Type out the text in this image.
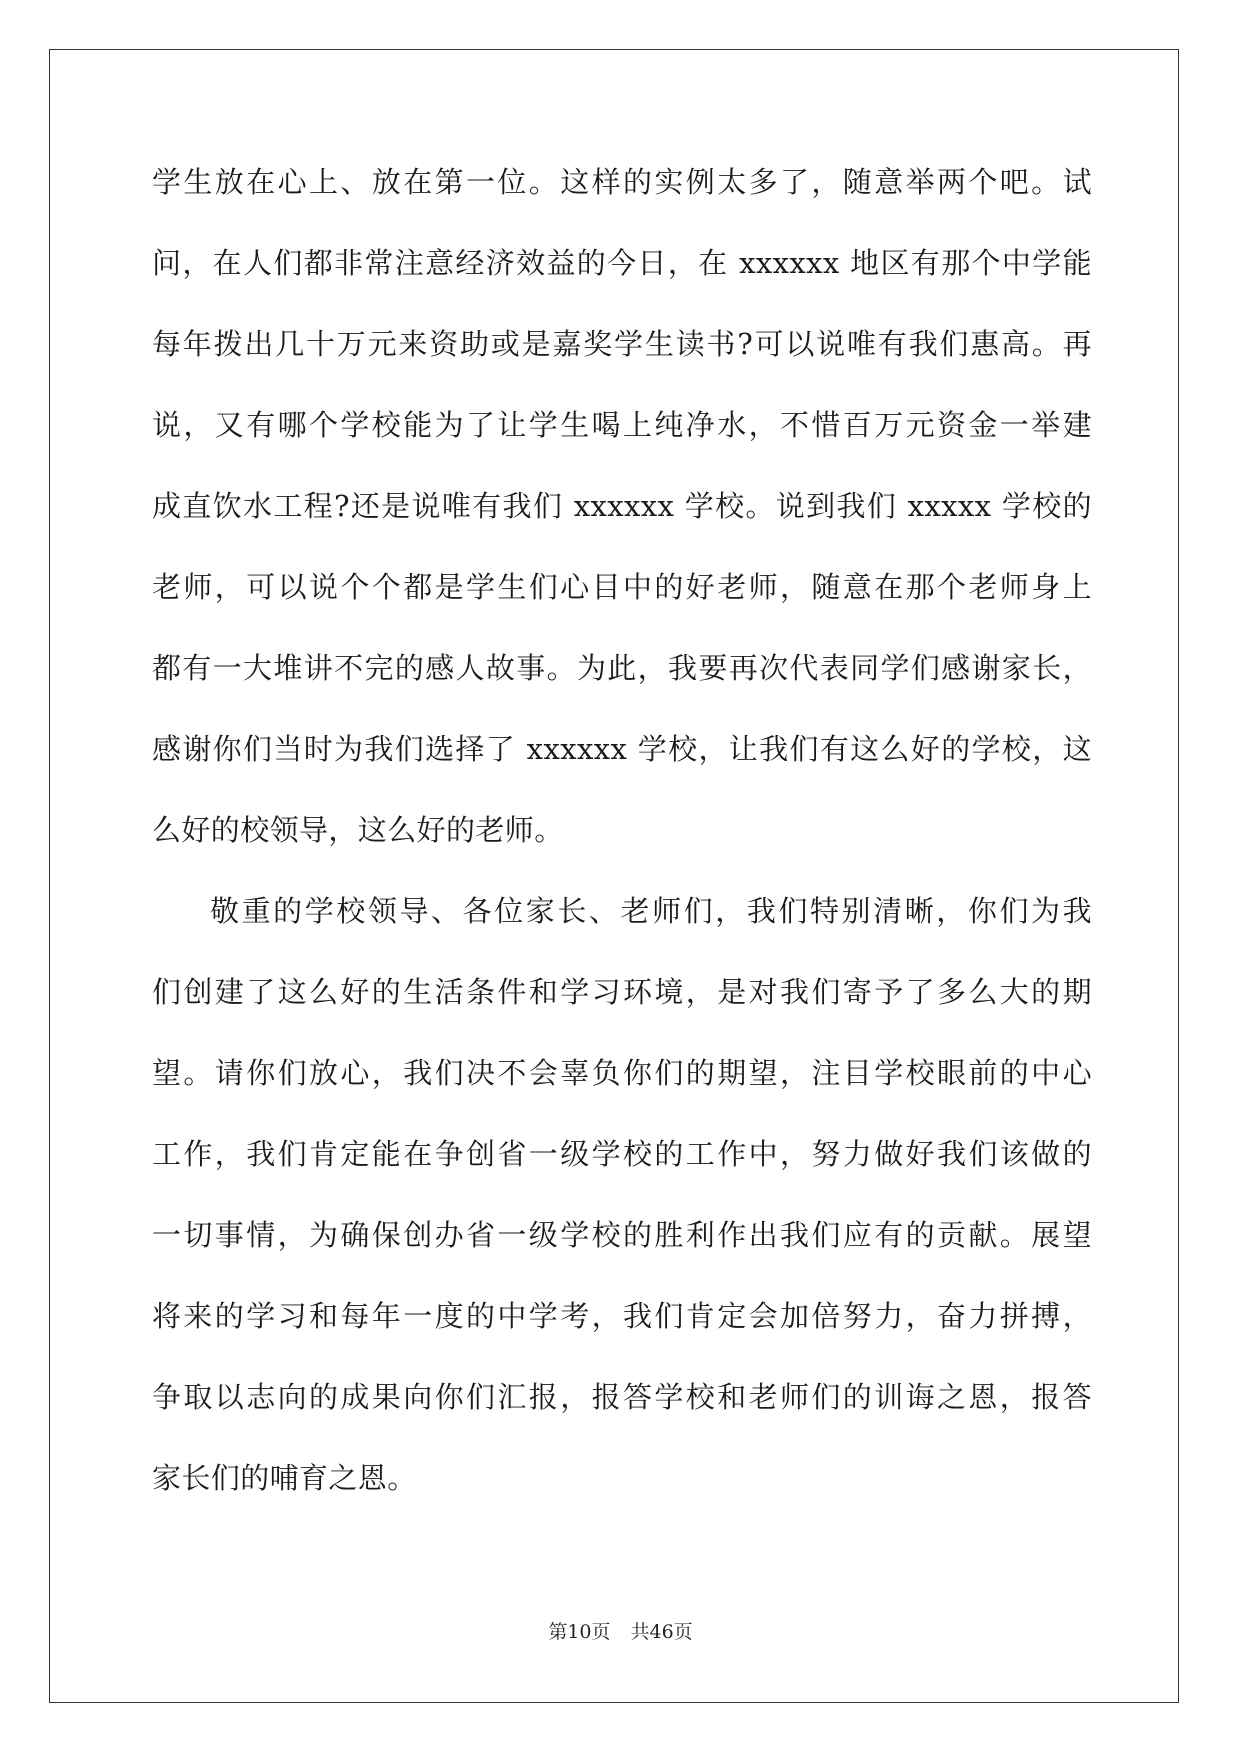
学生放在心上、放在第一位。这样的实例太多了，随意举两个吧。试
问，在人们都非常注意经济效益的今日，在 xxxxxx 地区有那个中学能
每年拨出几十万元来资助或是嘉奖学生读书?可以说唯有我们惠高。再
说，又有哪个学校能为了让学生喝上纯净水，不惜百万元资金一举建
成直饮水工程?还是说唯有我们 xxxxxx 学校。说到我们 xxxxx 学校的
老师，可以说个个都是学生们心目中的好老师，随意在那个老师身上
都有一大堆讲不完的感人故事。为此，我要再次代表同学们感谢家长，
感谢你们当时为我们选择了 xxxxxx 学校，让我们有这么好的学校，这
么好的校领导，这么好的老师。
敬重的学校领导、各位家长、老师们，我们特别清晰，你们为我
们创建了这么好的生活条件和学习环境，是对我们寄予了多么大的期
望。请你们放心，我们决不会辜负你们的期望，注目学校眼前的中心
工作，我们肯定能在争创省一级学校的工作中，努力做好我们该做的
一切事情，为确保创办省一级学校的胜利作出我们应有的贡献。展望
将来的学习和每年一度的中学考，我们肯定会加倍努力，奋力拼搏，
争取以志向的成果向你们汇报，报答学校和老师们的训诲之恩，报答
家长们的哺育之恩。
第10页 共46页
